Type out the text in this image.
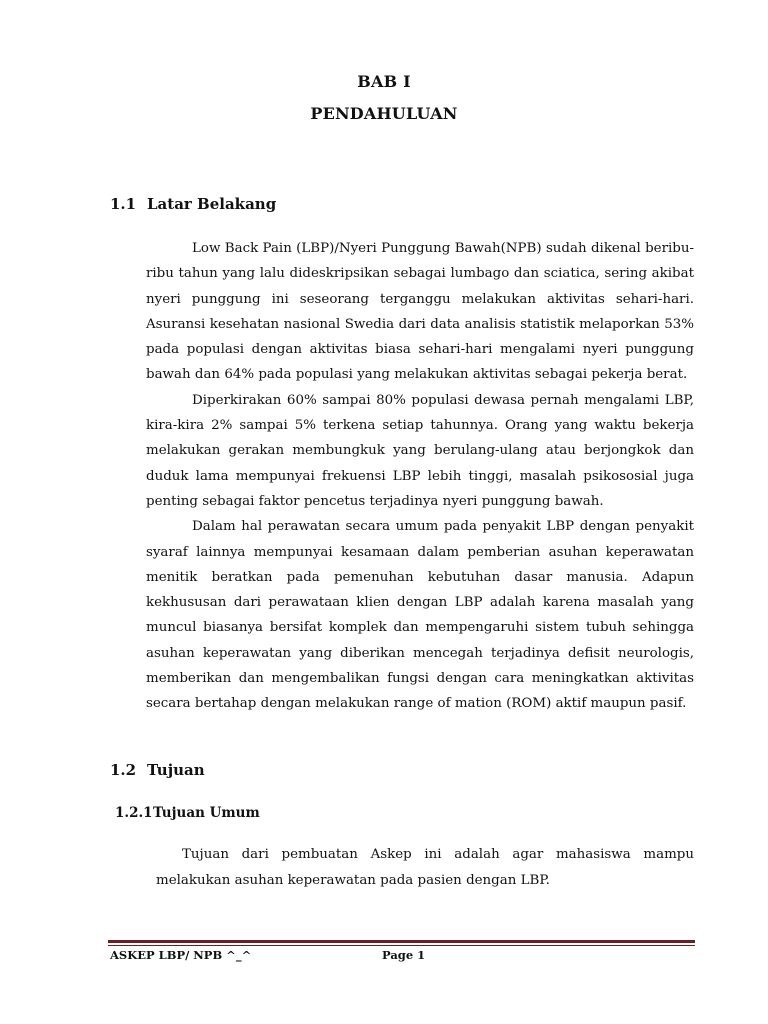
BAB I
PENDAHULUAN
1.1 Latar Belakang

Low Back Pain (LBP)/Nyeri Punggung Bawah(NPB) sudah dikenal beribu-ribu tahun yang lalu dideskripsikan sebagai lumbago dan sciatica, sering akibat nyeri punggung ini seseorang terganggu melakukan aktivitas sehari-hari. Asuransi kesehatan nasional Swedia dari data analisis statistik melaporkan 53% pada populasi dengan aktivitas biasa sehari-hari mengalami nyeri punggung bawah dan 64% pada populasi yang melakukan aktivitas sebagai pekerja berat.

Diperkirakan 60% sampai 80% populasi dewasa pernah mengalami LBP, kira-kira 2% sampai 5% terkena setiap tahunnya. Orang yang waktu bekerja melakukan gerakan membungkuk yang berulang-ulang atau berjongkok dan duduk lama mempunyai frekuensi LBP lebih tinggi, masalah psikososial juga penting sebagai faktor pencetus terjadinya nyeri punggung bawah.

Dalam hal perawatan secara umum pada penyakit LBP dengan penyakit syaraf lainnya mempunyai kesamaan dalam pemberian asuhan keperawatan menitik beratkan pada pemenuhan kebutuhan dasar manusia. Adapun kekhususan dari perawataan klien dengan LBP adalah karena masalah yang muncul biasanya bersifat komplek dan mempengaruhi sistem tubuh sehingga asuhan keperawatan yang diberikan mencegah terjadinya defisit neurologis, memberikan dan mengembalikan fungsi dengan cara meningkatkan aktivitas secara bertahap dengan melakukan range of mation (ROM) aktif maupun pasif.

1.2 Tujuan
1.2.1Tujuan Umum

Tujuan dari pembuatan Askep ini adalah agar mahasiswa mampu melakukan asuhan keperawatan pada pasien dengan LBP.

ASKEP LBP/ NPB ^_^	Page 1
